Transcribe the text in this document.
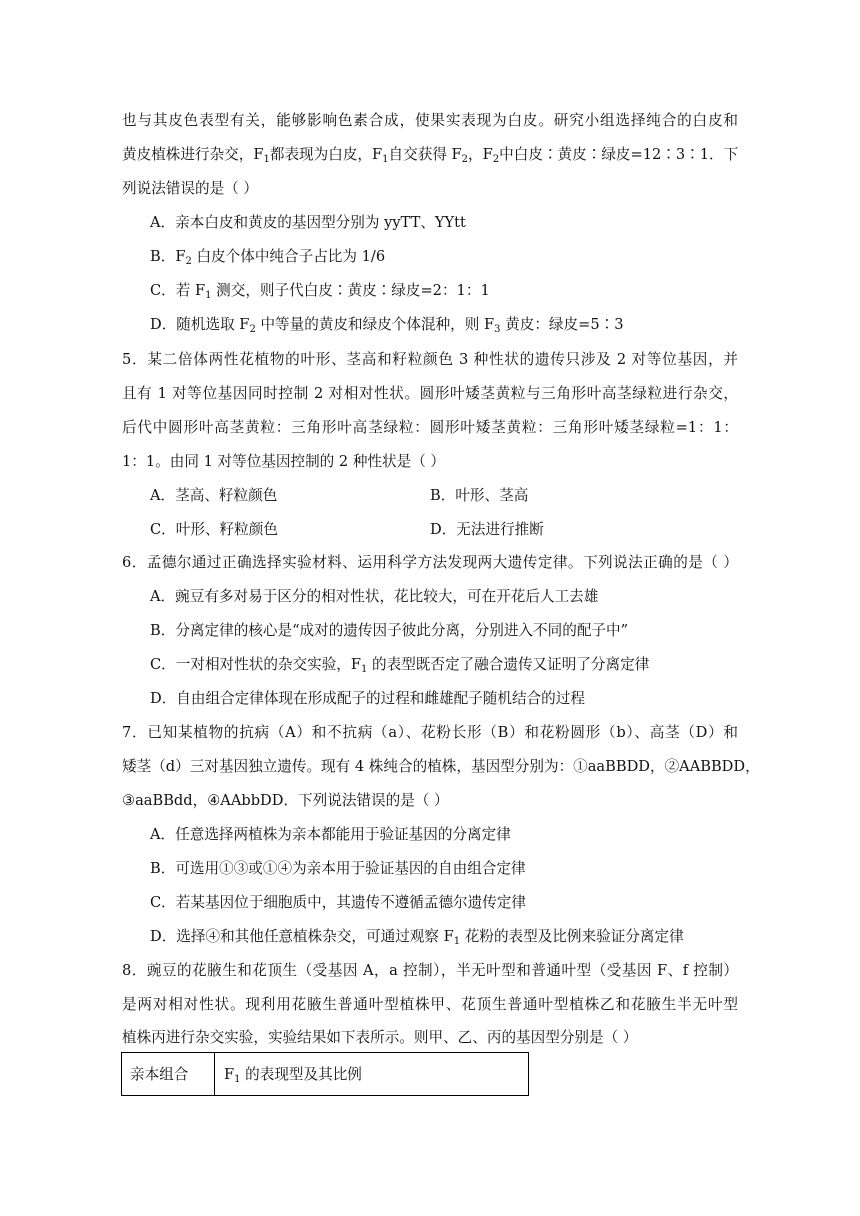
也与其皮色表型有关，能够影响色素合成，使果实表现为白皮。研究小组选择纯合的白皮和
黄皮植株进行杂交，$F_1$都表现为白皮，$F_1$自交获得 $F_2$，$F_2$中白皮∶黄皮∶绿皮=12∶3∶1．下
列说法错误的是（ ）
A．亲本白皮和黄皮的基因型分别为 yyTT、YYtt
B．$F_2$ 白皮个体中纯合子占比为 1/6
C．若 $F_1$ 测交，则子代白皮∶黄皮∶绿皮=2：1：1
D．随机选取 $F_2$ 中等量的黄皮和绿皮个体混种，则 $F_3$ 黄皮：绿皮=5∶3
5．某二倍体两性花植物的叶形、茎高和籽粒颜色 3 种性状的遗传只涉及 2 对等位基因，并
且有 1 对等位基因同时控制 2 对相对性状。圆形叶矮茎黄粒与三角形叶高茎绿粒进行杂交，
后代中圆形叶高茎黄粒：三角形叶高茎绿粒：圆形叶矮茎黄粒：三角形叶矮茎绿粒=1：1：
1：1。由同 1 对等位基因控制的 2 种性状是（ ）
A．茎高、籽粒颜色	B．叶形、茎高
C．叶形、籽粒颜色	D．无法进行推断
6．孟德尔通过正确选择实验材料、运用科学方法发现两大遗传定律。下列说法正确的是（ ）
A．豌豆有多对易于区分的相对性状，花比较大，可在开花后人工去雄
B．分离定律的核心是“成对的遗传因子彼此分离，分别进入不同的配子中”
C．一对相对性状的杂交实验，$F_1$ 的表型既否定了融合遗传又证明了分离定律
D．自由组合定律体现在形成配子的过程和雌雄配子随机结合的过程
7．已知某植物的抗病（A）和不抗病（a）、花粉长形（B）和花粉圆形（b）、高茎（D）和
矮茎（d）三对基因独立遗传。现有 4 株纯合的植株，基因型分别为：①aaBBDD，②AABBDD，
③aaBBdd，④AAbbDD．下列说法错误的是（ ）
A．任意选择两植株为亲本都能用于验证基因的分离定律
B．可选用①③或①④为亲本用于验证基因的自由组合定律
C．若某基因位于细胞质中，其遗传不遵循孟德尔遗传定律
D．选择④和其他任意植株杂交，可通过观察 $F_1$ 花粉的表型及比例来验证分离定律
8．豌豆的花腋生和花顶生（受基因 A，a 控制），半无叶型和普通叶型（受基因 F、f 控制）
是两对相对性状。现利用花腋生普通叶型植株甲、花顶生普通叶型植株乙和花腋生半无叶型
植株丙进行杂交实验，实验结果如下表所示。则甲、乙、丙的基因型分别是（ ）
亲本组合 $F_1$ 的表现型及其比例
